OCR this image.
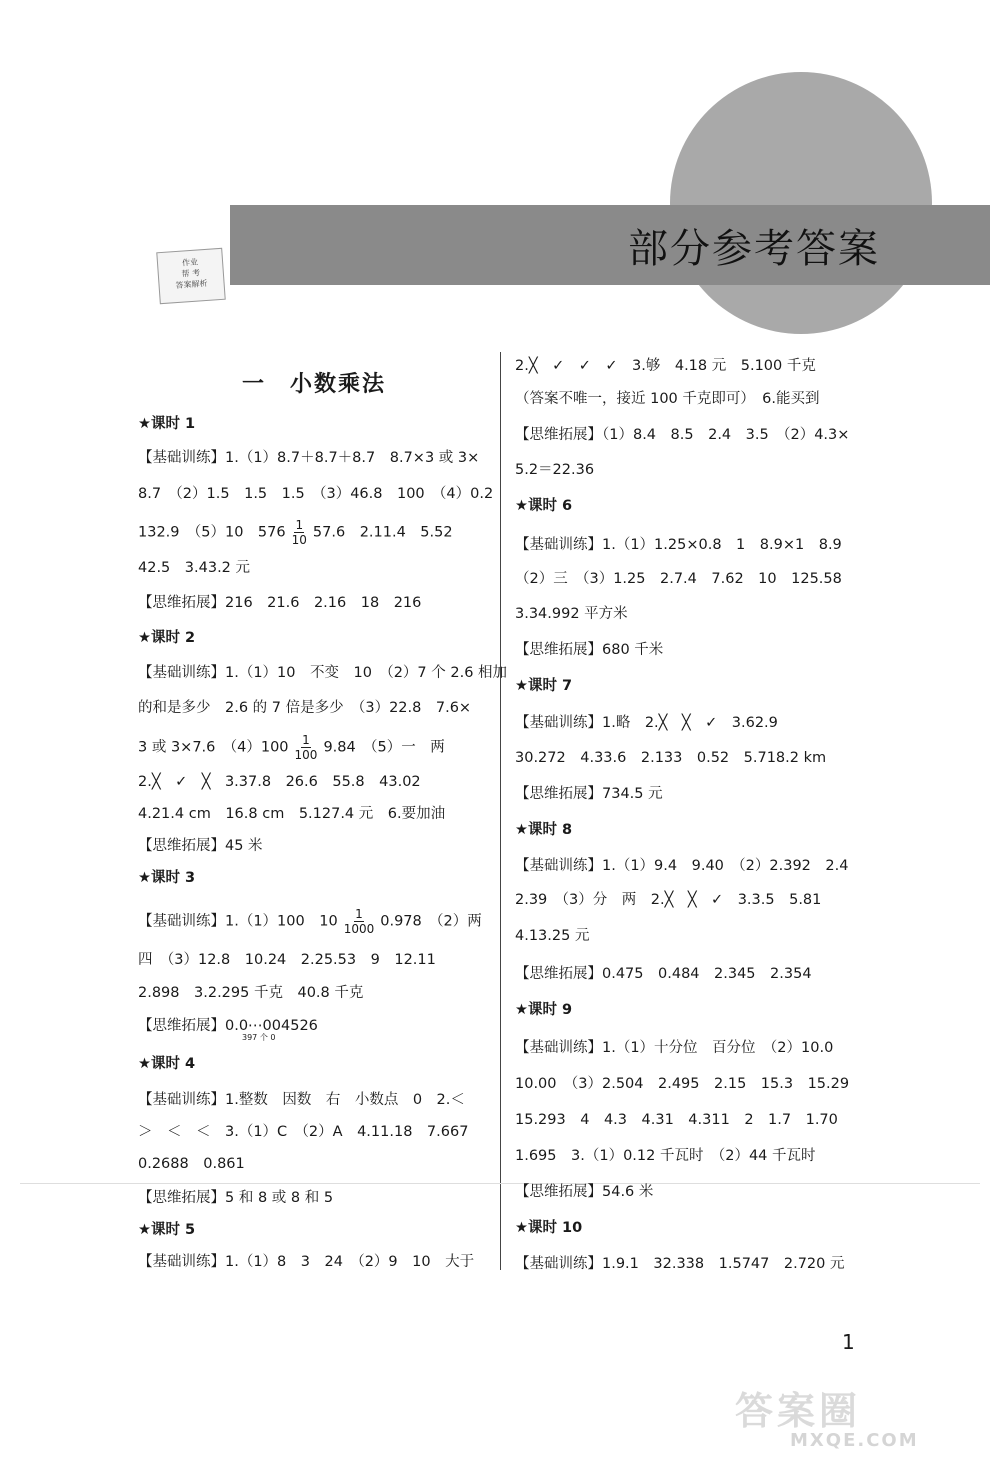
部分参考答案
作业
帮 考
答案解析
一　小数乘法
★课时 1
【基础训练】1.（1）8.7＋8.7＋8.7　8.7×3 或 3×
8.7　（2）1.5　1.5　1.5　（3）46.8　100　（4）0.2
132.9　（5）10　$576 \frac{1}{10} 57.6$　2.11.4　5.52
42.5　3.43.2 元
【思维拓展】216　21.6　2.16　18　216
★课时 2
【基础训练】1.（1）10　不变　10　（2）7 个 2.6 相加
的和是多少　2.6 的 7 倍是多少　（3）22.8　7.6×
3 或 3×7.6　$(4)100 \frac{1}{100} 9.84$　（5）一　两
2.╳　✓　╳　3.37.8　26.6　55.8　43.02
4.21.4 cm　16.8 cm　5.127.4 元　6.要加油
【思维拓展】45 米
★课时 3
【基础训练】1.（1）100　$10 \frac{1}{1000} 0.978$　（2）两
四　（3）12.8　10.24　2.25.53　9　12.11
2.898　3.2.295 千克　40.8 千克
【思维拓展】0.0⋯004526
397 个 0
★课时 4
【基础训练】1.整数　因数　右　小数点　0　2.＜
＞　＜　＜　3.（1）C　（2）A　4.11.18　7.667
0.2688　0.861
【思维拓展】5 和 8 或 8 和 5
★课时 5
【基础训练】1.（1）8　3　24　（2）9　10　大于
2.╳　✓　✓　✓　3.够　4.18 元　5.100 千克
（答案不唯一，接近 100 千克即可）　6.能买到
【思维拓展】（1）8.4　8.5　2.4　3.5　（2）4.3×
5.2＝22.36
★课时 6
【基础训练】1.（1）1.25×0.8　1　8.9×1　8.9
（2）三　（3）1.25　2.7.4　7.62　10　125.58
3.34.992 平方米
【思维拓展】680 千米
★课时 7
【基础训练】1.略　2.╳　╳　✓　3.62.9
30.272　4.33.6　2.133　0.52　5.718.2 km
【思维拓展】734.5 元
★课时 8
【基础训练】1.（1）9.4　9.40　（2）2.392　2.4
2.39　（3）分　两　2.╳　╳　✓　3.3.5　5.81
4.13.25 元
【思维拓展】0.475　0.484　2.345　2.354
★课时 9
【基础训练】1.（1）十分位　百分位　（2）10.0
10.00　（3）2.504　2.495　2.15　15.3　15.29
15.293　4　4.3　4.31　4.311　2　1.7　1.70
1.695　3.（1）0.12 千瓦时　（2）44 千瓦时
【思维拓展】54.6 米
★课时 10
【基础训练】1.9.1　32.338　1.5747　2.720 元
1
答案圈
MXQE.COM
